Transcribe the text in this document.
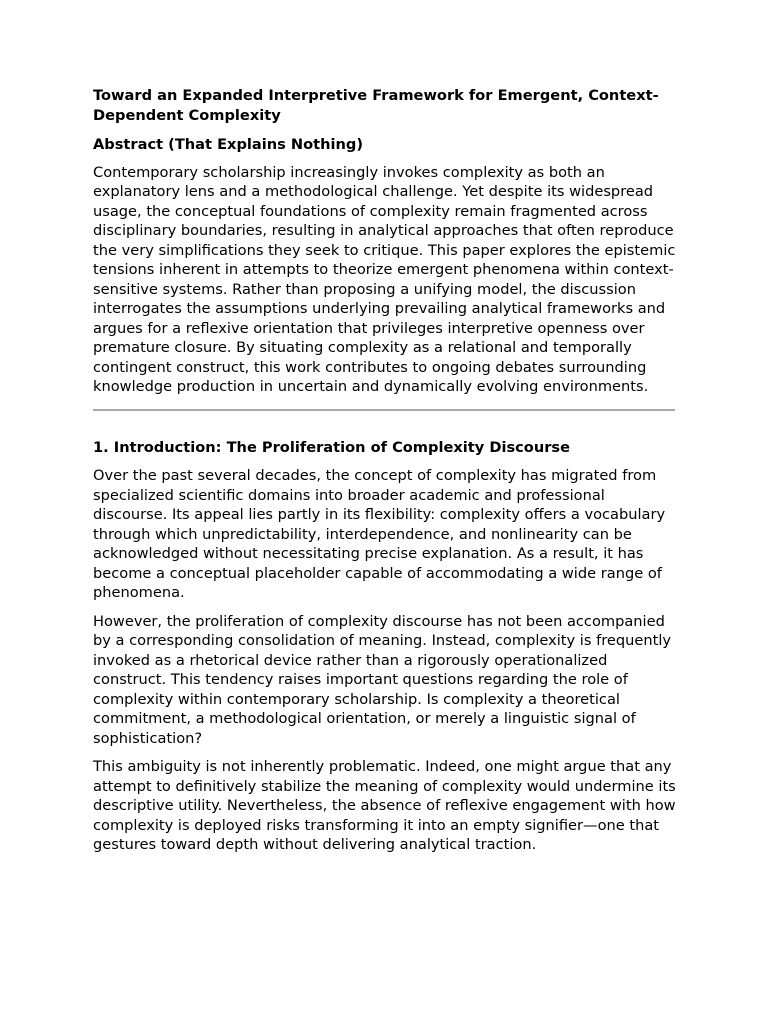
Toward an Expanded Interpretive Framework for Emergent, Context-Dependent Complexity
Abstract (That Explains Nothing)
Contemporary scholarship increasingly invokes complexity as both an explanatory lens and a methodological challenge. Yet despite its widespread usage, the conceptual foundations of complexity remain fragmented across disciplinary boundaries, resulting in analytical approaches that often reproduce the very simplifications they seek to critique. This paper explores the epistemic tensions inherent in attempts to theorize emergent phenomena within context-sensitive systems. Rather than proposing a unifying model, the discussion interrogates the assumptions underlying prevailing analytical frameworks and argues for a reflexive orientation that privileges interpretive openness over premature closure. By situating complexity as a relational and temporally contingent construct, this work contributes to ongoing debates surrounding knowledge production in uncertain and dynamically evolving environments.
1. Introduction: The Proliferation of Complexity Discourse
Over the past several decades, the concept of complexity has migrated from specialized scientific domains into broader academic and professional discourse. Its appeal lies partly in its flexibility: complexity offers a vocabulary through which unpredictability, interdependence, and nonlinearity can be acknowledged without necessitating precise explanation. As a result, it has become a conceptual placeholder capable of accommodating a wide range of phenomena.
However, the proliferation of complexity discourse has not been accompanied by a corresponding consolidation of meaning. Instead, complexity is frequently invoked as a rhetorical device rather than a rigorously operationalized construct. This tendency raises important questions regarding the role of complexity within contemporary scholarship. Is complexity a theoretical commitment, a methodological orientation, or merely a linguistic signal of sophistication?
This ambiguity is not inherently problematic. Indeed, one might argue that any attempt to definitively stabilize the meaning of complexity would undermine its descriptive utility. Nevertheless, the absence of reflexive engagement with how complexity is deployed risks transforming it into an empty signifier—one that gestures toward depth without delivering analytical traction.
